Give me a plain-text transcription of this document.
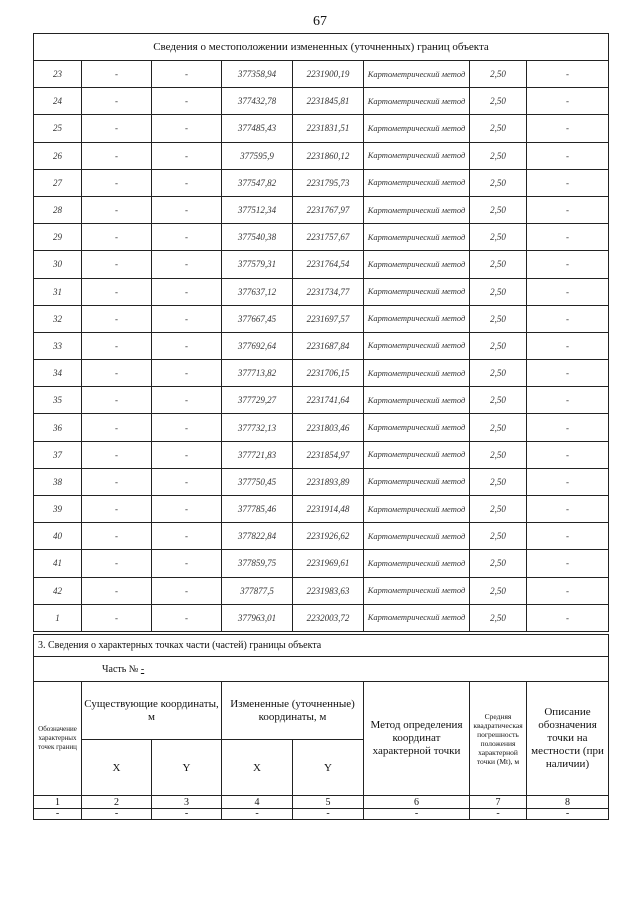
67
Сведения о местоположении измененных (уточненных) границ объекта							
23	-	-	377358,94	2231900,19	Картометрический метод	2,50	-
24	-	-	377432,78	2231845,81	Картометрический метод	2,50	-
25	-	-	377485,43	2231831,51	Картометрический метод	2,50	-
26	-	-	377595,9	2231860,12	Картометрический метод	2,50	-
27	-	-	377547,82	2231795,73	Картометрический метод	2,50	-
28	-	-	377512,34	2231767,97	Картометрический метод	2,50	-
29	-	-	377540,38	2231757,67	Картометрический метод	2,50	-
30	-	-	377579,31	2231764,54	Картометрический метод	2,50	-
31	-	-	377637,12	2231734,77	Картометрический метод	2,50	-
32	-	-	377667,45	2231697,57	Картометрический метод	2,50	-
33	-	-	377692,64	2231687,84	Картометрический метод	2,50	-
34	-	-	377713,82	2231706,15	Картометрический метод	2,50	-
35	-	-	377729,27	2231741,64	Картометрический метод	2,50	-
36	-	-	377732,13	2231803,46	Картометрический метод	2,50	-
37	-	-	377721,83	2231854,97	Картометрический метод	2,50	-
38	-	-	377750,45	2231893,89	Картометрический метод	2,50	-
39	-	-	377785,46	2231914,48	Картометрический метод	2,50	-
40	-	-	377822,84	2231926,62	Картометрический метод	2,50	-
41	-	-	377859,75	2231969,61	Картометрический метод	2,50	-
42	-	-	377877,5	2231983,63	Картометрический метод	2,50	-
1	-	-	377963,01	2232003,72	Картометрический метод	2,50	-
3. Сведения о характерных точках части (частей) границы объекта							
Часть № -							
Обозначение характерных точек границ	Существующие координаты, м		Измененные (уточненные) координаты, м		Метод определения координат характерной точки	Средняя квадратическая погрешность положения характерной точки (Mt), м	Описание обозначения точки на местности (при наличии)
	X	Y	X	Y			
1	2	3	4	5	6	7	8
-	-	-	-	-	-	-	-
